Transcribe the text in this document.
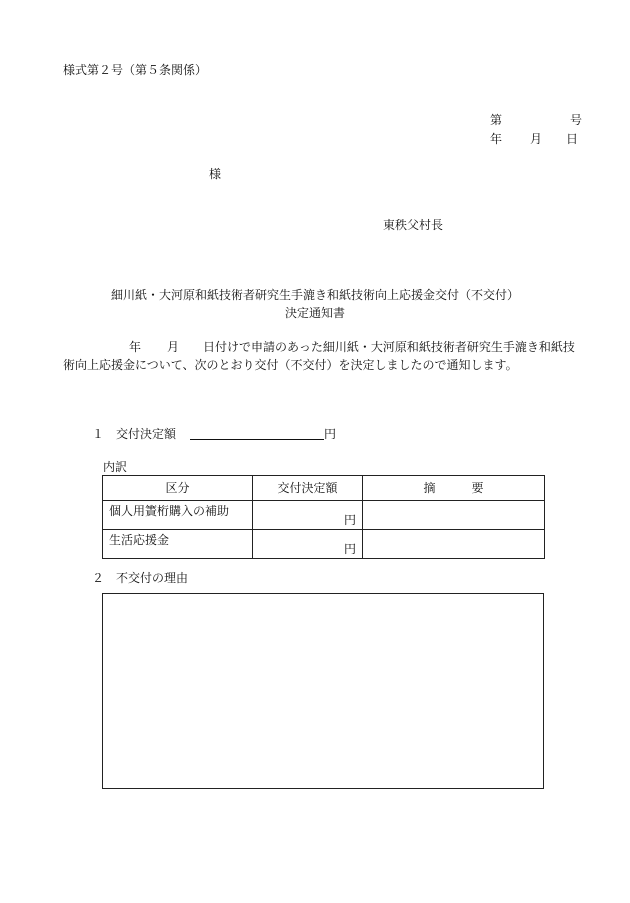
様式第２号（第５条関係）
第	号
年 月 日
様
東秩父村長
細川紙・大河原和紙技術者研究生手漉き和紙技術向上応援金交付（不交付）
決定通知書
年 月 日付けで申請のあった細川紙・大河原和紙技術者研究生手漉き和紙技術向上応援金について、次のとおり交付（不交付）を決定しましたので通知します。
１　交付決定額	円
内訳
区分	交付決定額	摘　　　要
個人用簀桁購入の補助	円	
生活応援金	円	
２　不交付の理由
